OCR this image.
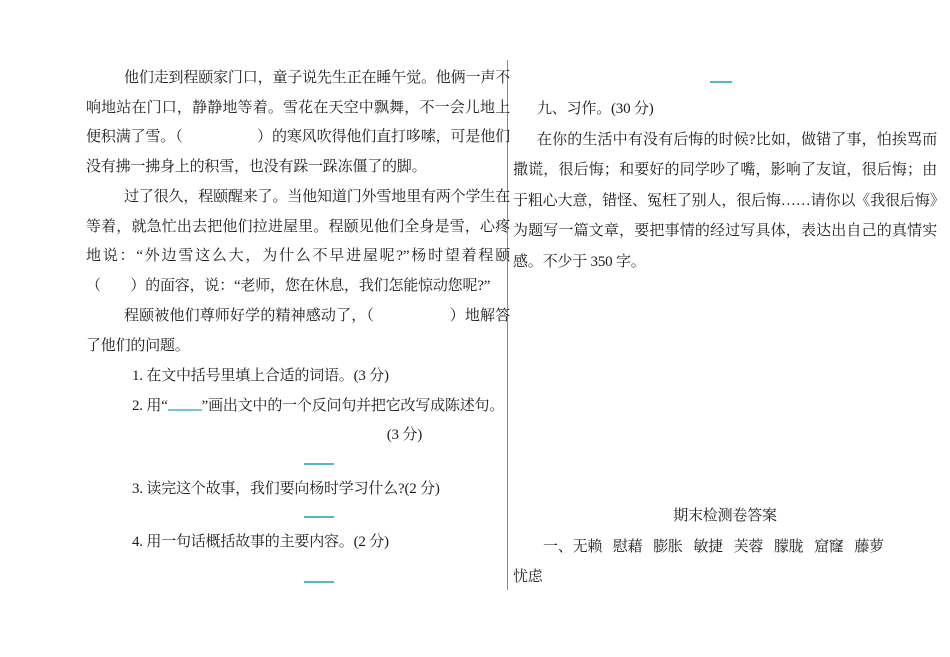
他们走到程颐家门口，童子说先生正在睡午觉。他俩一声不响地站在门口，静静地等着。雪花在天空中飘舞，不一会儿地上便积满了雪。（　　　　　）的寒风吹得他们直打哆嗦，可是他们没有拂一拂身上的积雪，也没有跺一跺冻僵了的脚。

过了很久，程颐醒来了。当他知道门外雪地里有两个学生在等着，就急忙出去把他们拉进屋里。程颐见他们全身是雪，心疼地说：“外边雪这么大，为什么不早进屋呢?”杨时望着程颐（　　）的面容，说：“老师，您在休息，我们怎能惊动您呢?”

程颐被他们尊师好学的精神感动了，（　　　　　）地解答了他们的问题。

1. 在文中括号里填上合适的词语。(3 分)

2. 用“ ”画出文中的一个反问句并把它改写成陈述句。

(3 分)

3. 读完这个故事，我们要向杨时学习什么?(2 分)

4. 用一句话概括故事的主要内容。(2 分)

九、习作。(30 分)

在你的生活中有没有后悔的时候?比如，做错了事，怕挨骂而撒谎，很后悔；和要好的同学吵了嘴，影响了友谊，很后悔；由于粗心大意，错怪、冤枉了别人，很后悔……请你以《我很后悔》为题写一篇文章，要把事情的经过写具体，表达出自己的真情实感。不少于 350 字。

期末检测卷答案

一、无赖   慰藉   膨胀   敏捷   芙蓉   朦胧   窟窿   藤萝

忧虑
